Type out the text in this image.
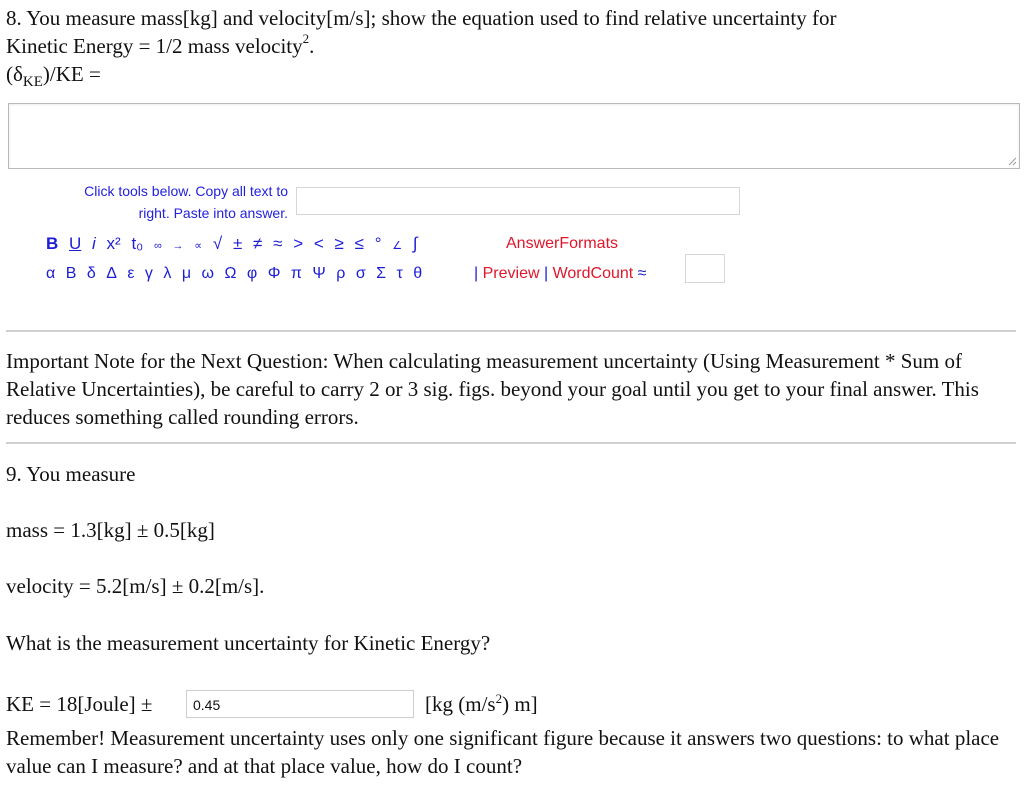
8. You measure mass[kg] and velocity[m/s]; show the equation used to find relative uncertainty for
Kinetic Energy = 1/2 mass velocity$^2$.
$(\delta_{KE})/KE$ =
Click tools below. Copy all text to
right. Paste into answer.
B U i x² t₀ ∞ → ∝ √ ± ≠ ≈ > < ≥ ≤ ° ∠ ∫	AnswerFormats
α Β δ Δ ε γ λ μ ω Ω φ Φ π Ψ ρ σ Σ τ θ	| Preview | WordCount ≈
Important Note for the Next Question: When calculating measurement uncertainty (Using Measurement * Sum of Relative Uncertainties), be careful to carry 2 or 3 sig. figs. beyond your goal until you get to your final answer. This reduces something called rounding errors.
9. You measure
mass = 1.3[kg] ± 0.5[kg]
velocity = 5.2[m/s] ± 0.2[m/s].
What is the measurement uncertainty for Kinetic Energy?
KE = 18[Joule] ±	0.45	[kg $(m/s^2)$ m]
Remember! Measurement uncertainty uses only one significant figure because it answers two questions: to what place value can I measure? and at that place value, how do I count?
